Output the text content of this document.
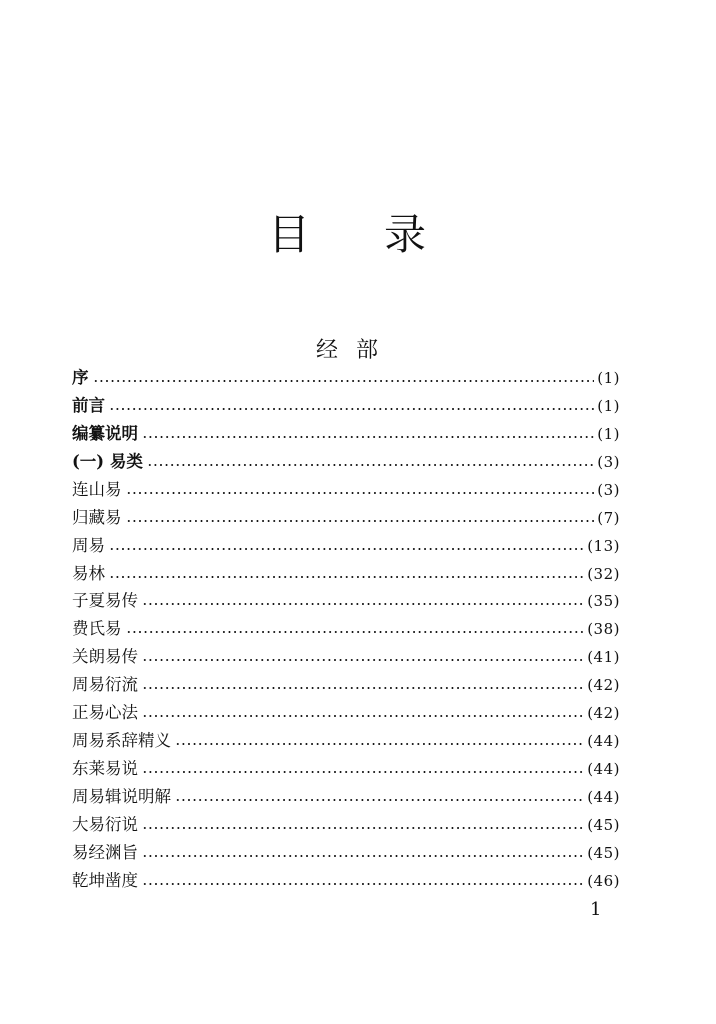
目 录
经 部
序	(1)
前言	(1)
编纂说明	(1)
(一) 易类	(3)
连山易	(3)
归藏易	(7)
周易	(13)
易林	(32)
子夏易传	(35)
费氏易	(38)
关朗易传	(41)
周易衍流	(42)
正易心法	(42)
周易系辞精义	(44)
东莱易说	(44)
周易辑说明解	(44)
大易衍说	(45)
易经渊旨	(45)
乾坤凿度	(46)
1
